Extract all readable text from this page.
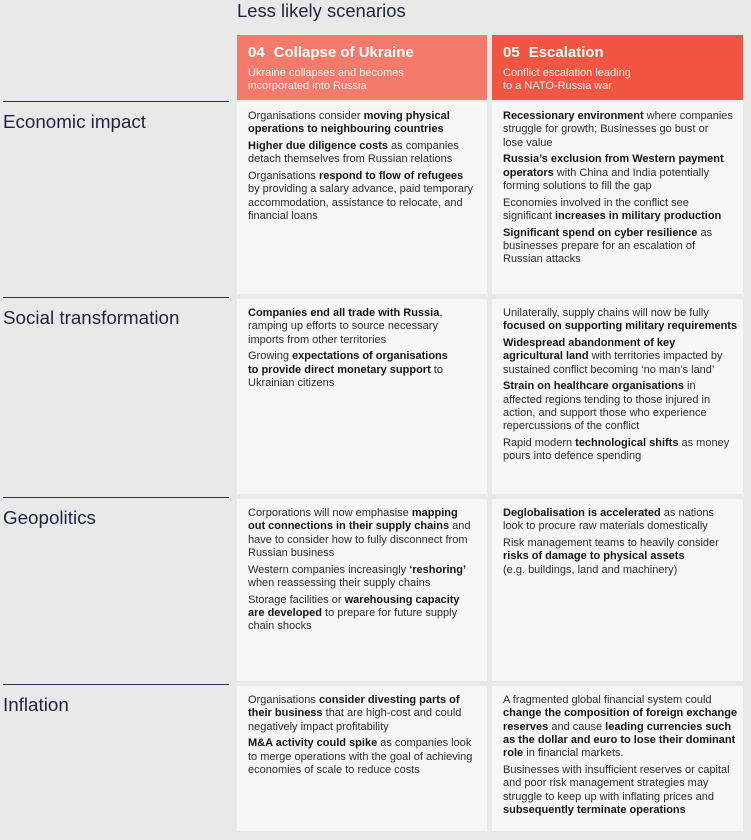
Less likely scenarios
04 Collapse of Ukraine
Ukraine collapses and becomes
incorporated into Russia
05 Escalation
Conflict escalation leading
to a NATO-Russia war
Economic impact
Social transformation
Geopolitics
Inflation
Organisations consider moving physical
operations to neighbouring countries
Higher due diligence costs as companies
detach themselves from Russian relations
Organisations respond to flow of refugees
by providing a salary advance, paid temporary
accommodation, assistance to relocate, and
financial loans
Recessionary environment where companies
struggle for growth; Businesses go bust or
lose value
Russia’s exclusion from Western payment
operators with China and India potentially
forming solutions to fill the gap
Economies involved in the conflict see
significant increases in military production
Significant spend on cyber resilience as
businesses prepare for an escalation of
Russian attacks
Companies end all trade with Russia,
ramping up efforts to source necessary
imports from other territories
Growing expectations of organisations
to provide direct monetary support to
Ukrainian citizens
Unilaterally, supply chains will now be fully
focused on supporting military requirements
Widespread abandonment of key
agricultural land with territories impacted by
sustained conflict becoming ‘no man’s land’
Strain on healthcare organisations in
affected regions tending to those injured in
action, and support those who experience
repercussions of the conflict
Rapid modern technological shifts as money
pours into defence spending
Corporations will now emphasise mapping
out connections in their supply chains and
have to consider how to fully disconnect from
Russian business
Western companies increasingly ‘reshoring’
when reassessing their supply chains
Storage facilities or warehousing capacity
are developed to prepare for future supply
chain shocks
Deglobalisation is accelerated as nations
look to procure raw materials domestically
Risk management teams to heavily consider
risks of damage to physical assets
(e.g. buildings, land and machinery)
Organisations consider divesting parts of
their business that are high-cost and could
negatively impact profitability
M&A activity could spike as companies look
to merge operations with the goal of achieving
economies of scale to reduce costs
A fragmented global financial system could
change the composition of foreign exchange
reserves and cause leading currencies such
as the dollar and euro to lose their dominant
role in financial markets.
Businesses with insufficient reserves or capital
and poor risk management strategies may
struggle to keep up with inflating prices and
subsequently terminate operations
